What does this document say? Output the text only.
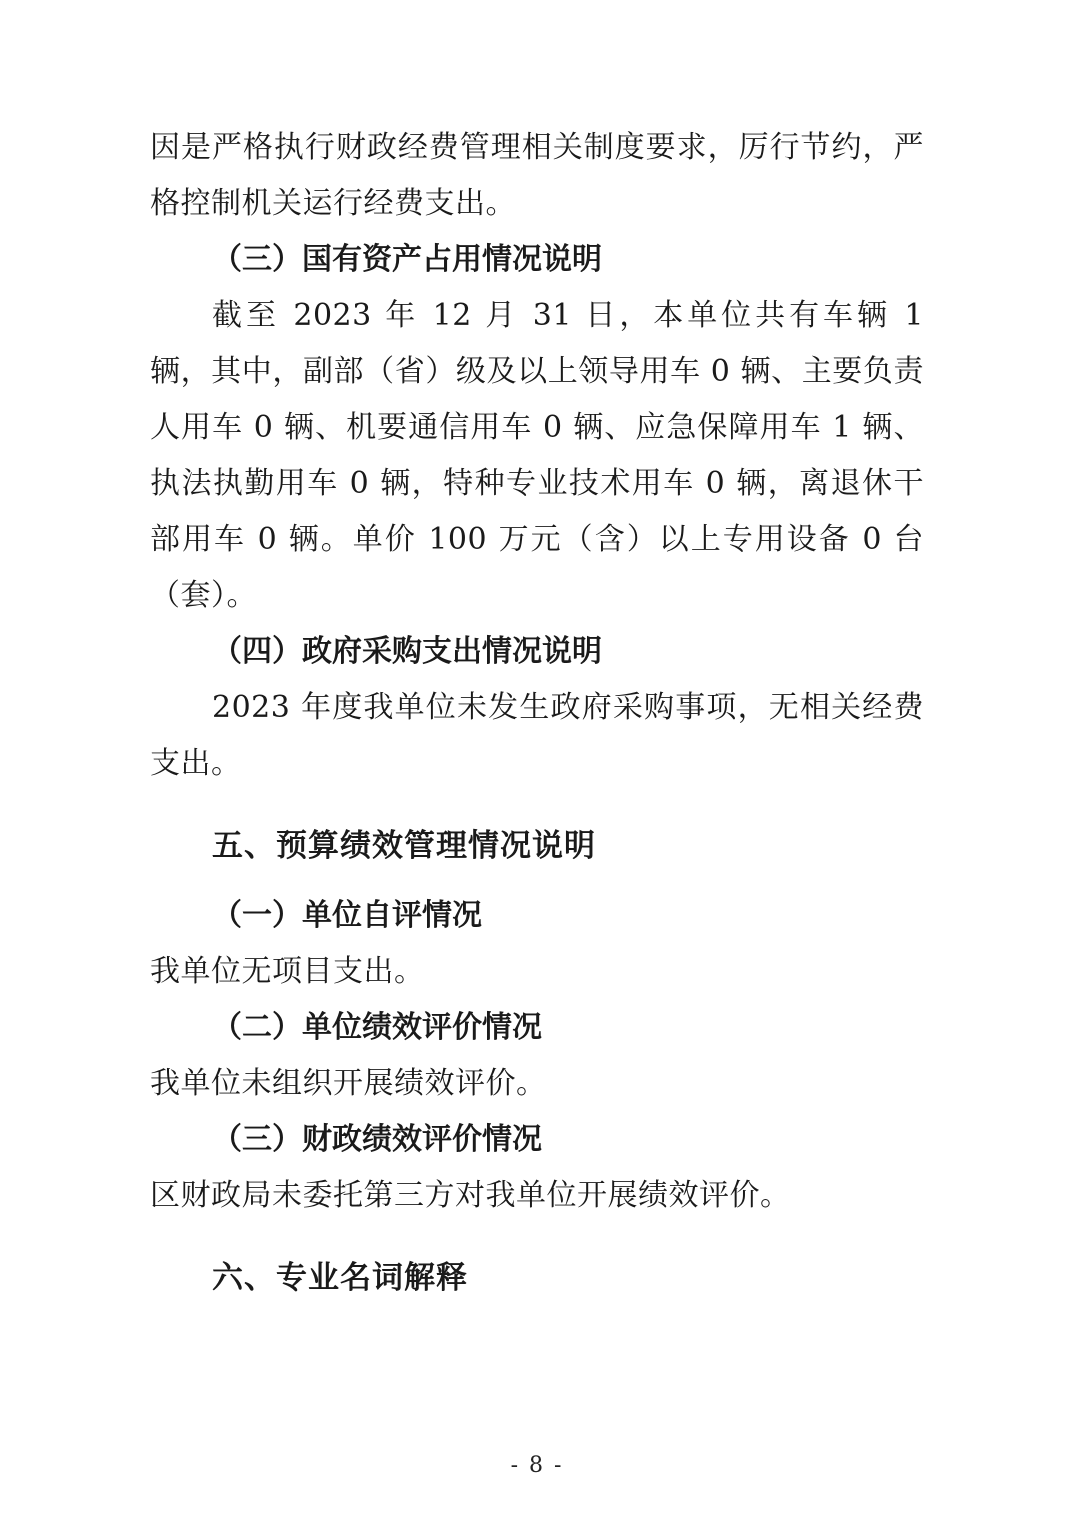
因是严格执行财政经费管理相关制度要求，厉行节约，严格控制机关运行经费支出。
（三）国有资产占用情况说明
截至 2023 年 12 月 31 日，本单位共有车辆 1 辆，其中，副部（省）级及以上领导用车 0 辆、主要负责人用车 0 辆、机要通信用车 0 辆、应急保障用车 1 辆、执法执勤用车 0 辆，特种专业技术用车 0 辆，离退休干部用车 0 辆。单价 100 万元（含）以上专用设备 0 台（套）。
（四）政府采购支出情况说明
2023 年度我单位未发生政府采购事项，无相关经费支出。
五、预算绩效管理情况说明
（一）单位自评情况
我单位无项目支出。
（二）单位绩效评价情况
我单位未组织开展绩效评价。
（三）财政绩效评价情况
区财政局未委托第三方对我单位开展绩效评价。
六、专业名词解释
- 8 -
